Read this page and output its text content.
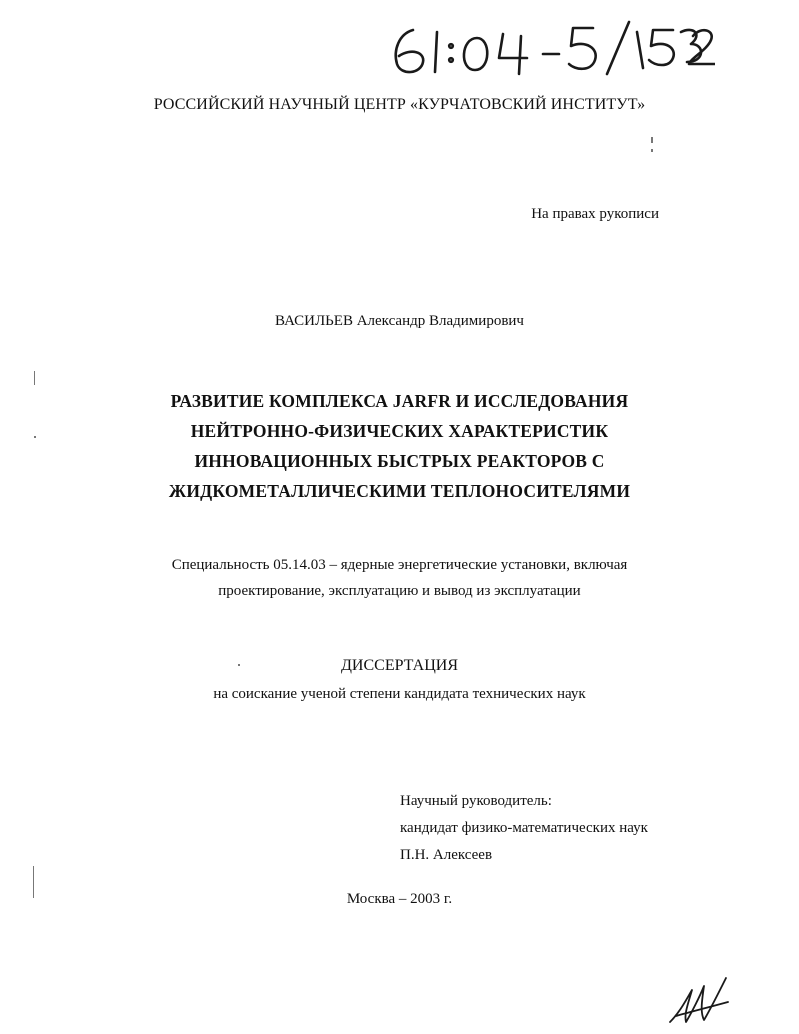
РОССИЙСКИЙ НАУЧНЫЙ ЦЕНТР «КУРЧАТОВСКИЙ ИНСТИТУТ»
На правах рукописи
ВАСИЛЬЕВ Александр Владимирович
РАЗВИТИЕ КОМПЛЕКСА JARFR И ИССЛЕДОВАНИЯ
НЕЙТРОННО-ФИЗИЧЕСКИХ ХАРАКТЕРИСТИК
ИННОВАЦИОННЫХ БЫСТРЫХ РЕАКТОРОВ С
ЖИДКОМЕТАЛЛИЧЕСКИМИ ТЕПЛОНОСИТЕЛЯМИ
Специальность 05.14.03 – ядерные энергетические установки, включая
проектирование, эксплуатацию и вывод из эксплуатации
ДИССЕРТАЦИЯ
на соискание ученой степени кандидата технических наук
Научный руководитель:
кандидат физико-математических наук
П.Н. Алексеев
Москва – 2003 г.
